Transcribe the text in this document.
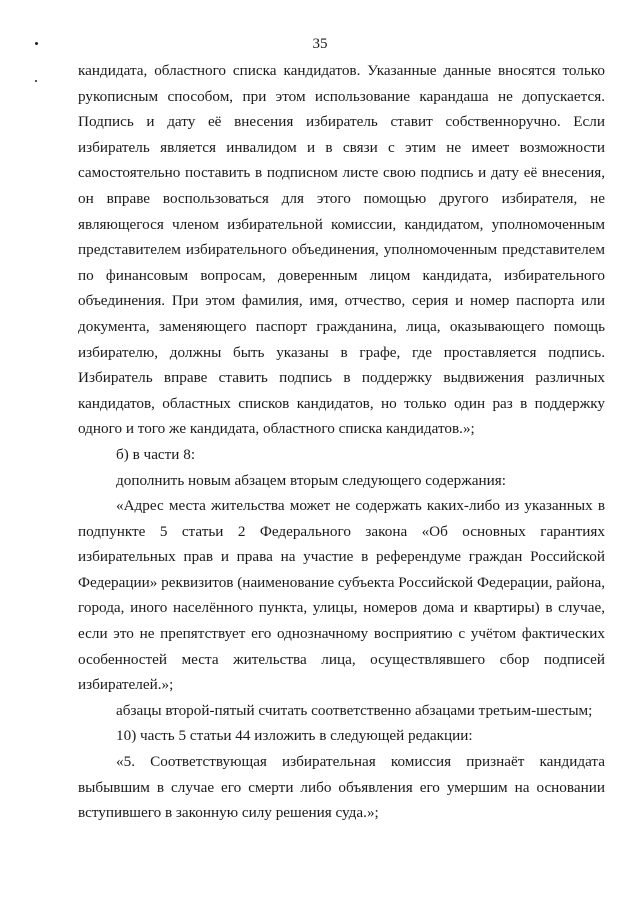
35

кандидата, областного списка кандидатов. Указанные данные вносятся только рукописным способом, при этом использование карандаша не допускается. Подпись и дату её внесения избиратель ставит собственноручно. Если избиратель является инвалидом и в связи с этим не имеет возможности самостоятельно поставить в подписном листе свою подпись и дату её внесения, он вправе воспользоваться для этого помощью другого избирателя, не являющегося членом избирательной комиссии, кандидатом, уполномоченным представителем избирательного объединения, уполномоченным представителем по финансовым вопросам, доверенным лицом кандидата, избирательного объединения. При этом фамилия, имя, отчество, серия и номер паспорта или документа, заменяющего паспорт гражданина, лица, оказывающего помощь избирателю, должны быть указаны в графе, где проставляется подпись. Избиратель вправе ставить подпись в поддержку выдвижения различных кандидатов, областных списков кандидатов, но только один раз в поддержку одного и того же кандидата, областного списка кандидатов.»;

б) в части 8:

дополнить новым абзацем вторым следующего содержания:

«Адрес места жительства может не содержать каких-либо из указанных в подпункте 5 статьи 2 Федерального закона «Об основных гарантиях избирательных прав и права на участие в референдуме граждан Российской Федерации» реквизитов (наименование субъекта Российской Федерации, района, города, иного населённого пункта, улицы, номеров дома и квартиры) в случае, если это не препятствует его однозначному восприятию с учётом фактических особенностей места жительства лица, осуществлявшего сбор подписей избирателей.»;

абзацы второй-пятый считать соответственно абзацами третьим-шестым;

10) часть 5 статьи 44 изложить в следующей редакции:

«5. Соответствующая избирательная комиссия признаёт кандидата выбывшим в случае его смерти либо объявления его умершим на основании вступившего в законную силу решения суда.»;
